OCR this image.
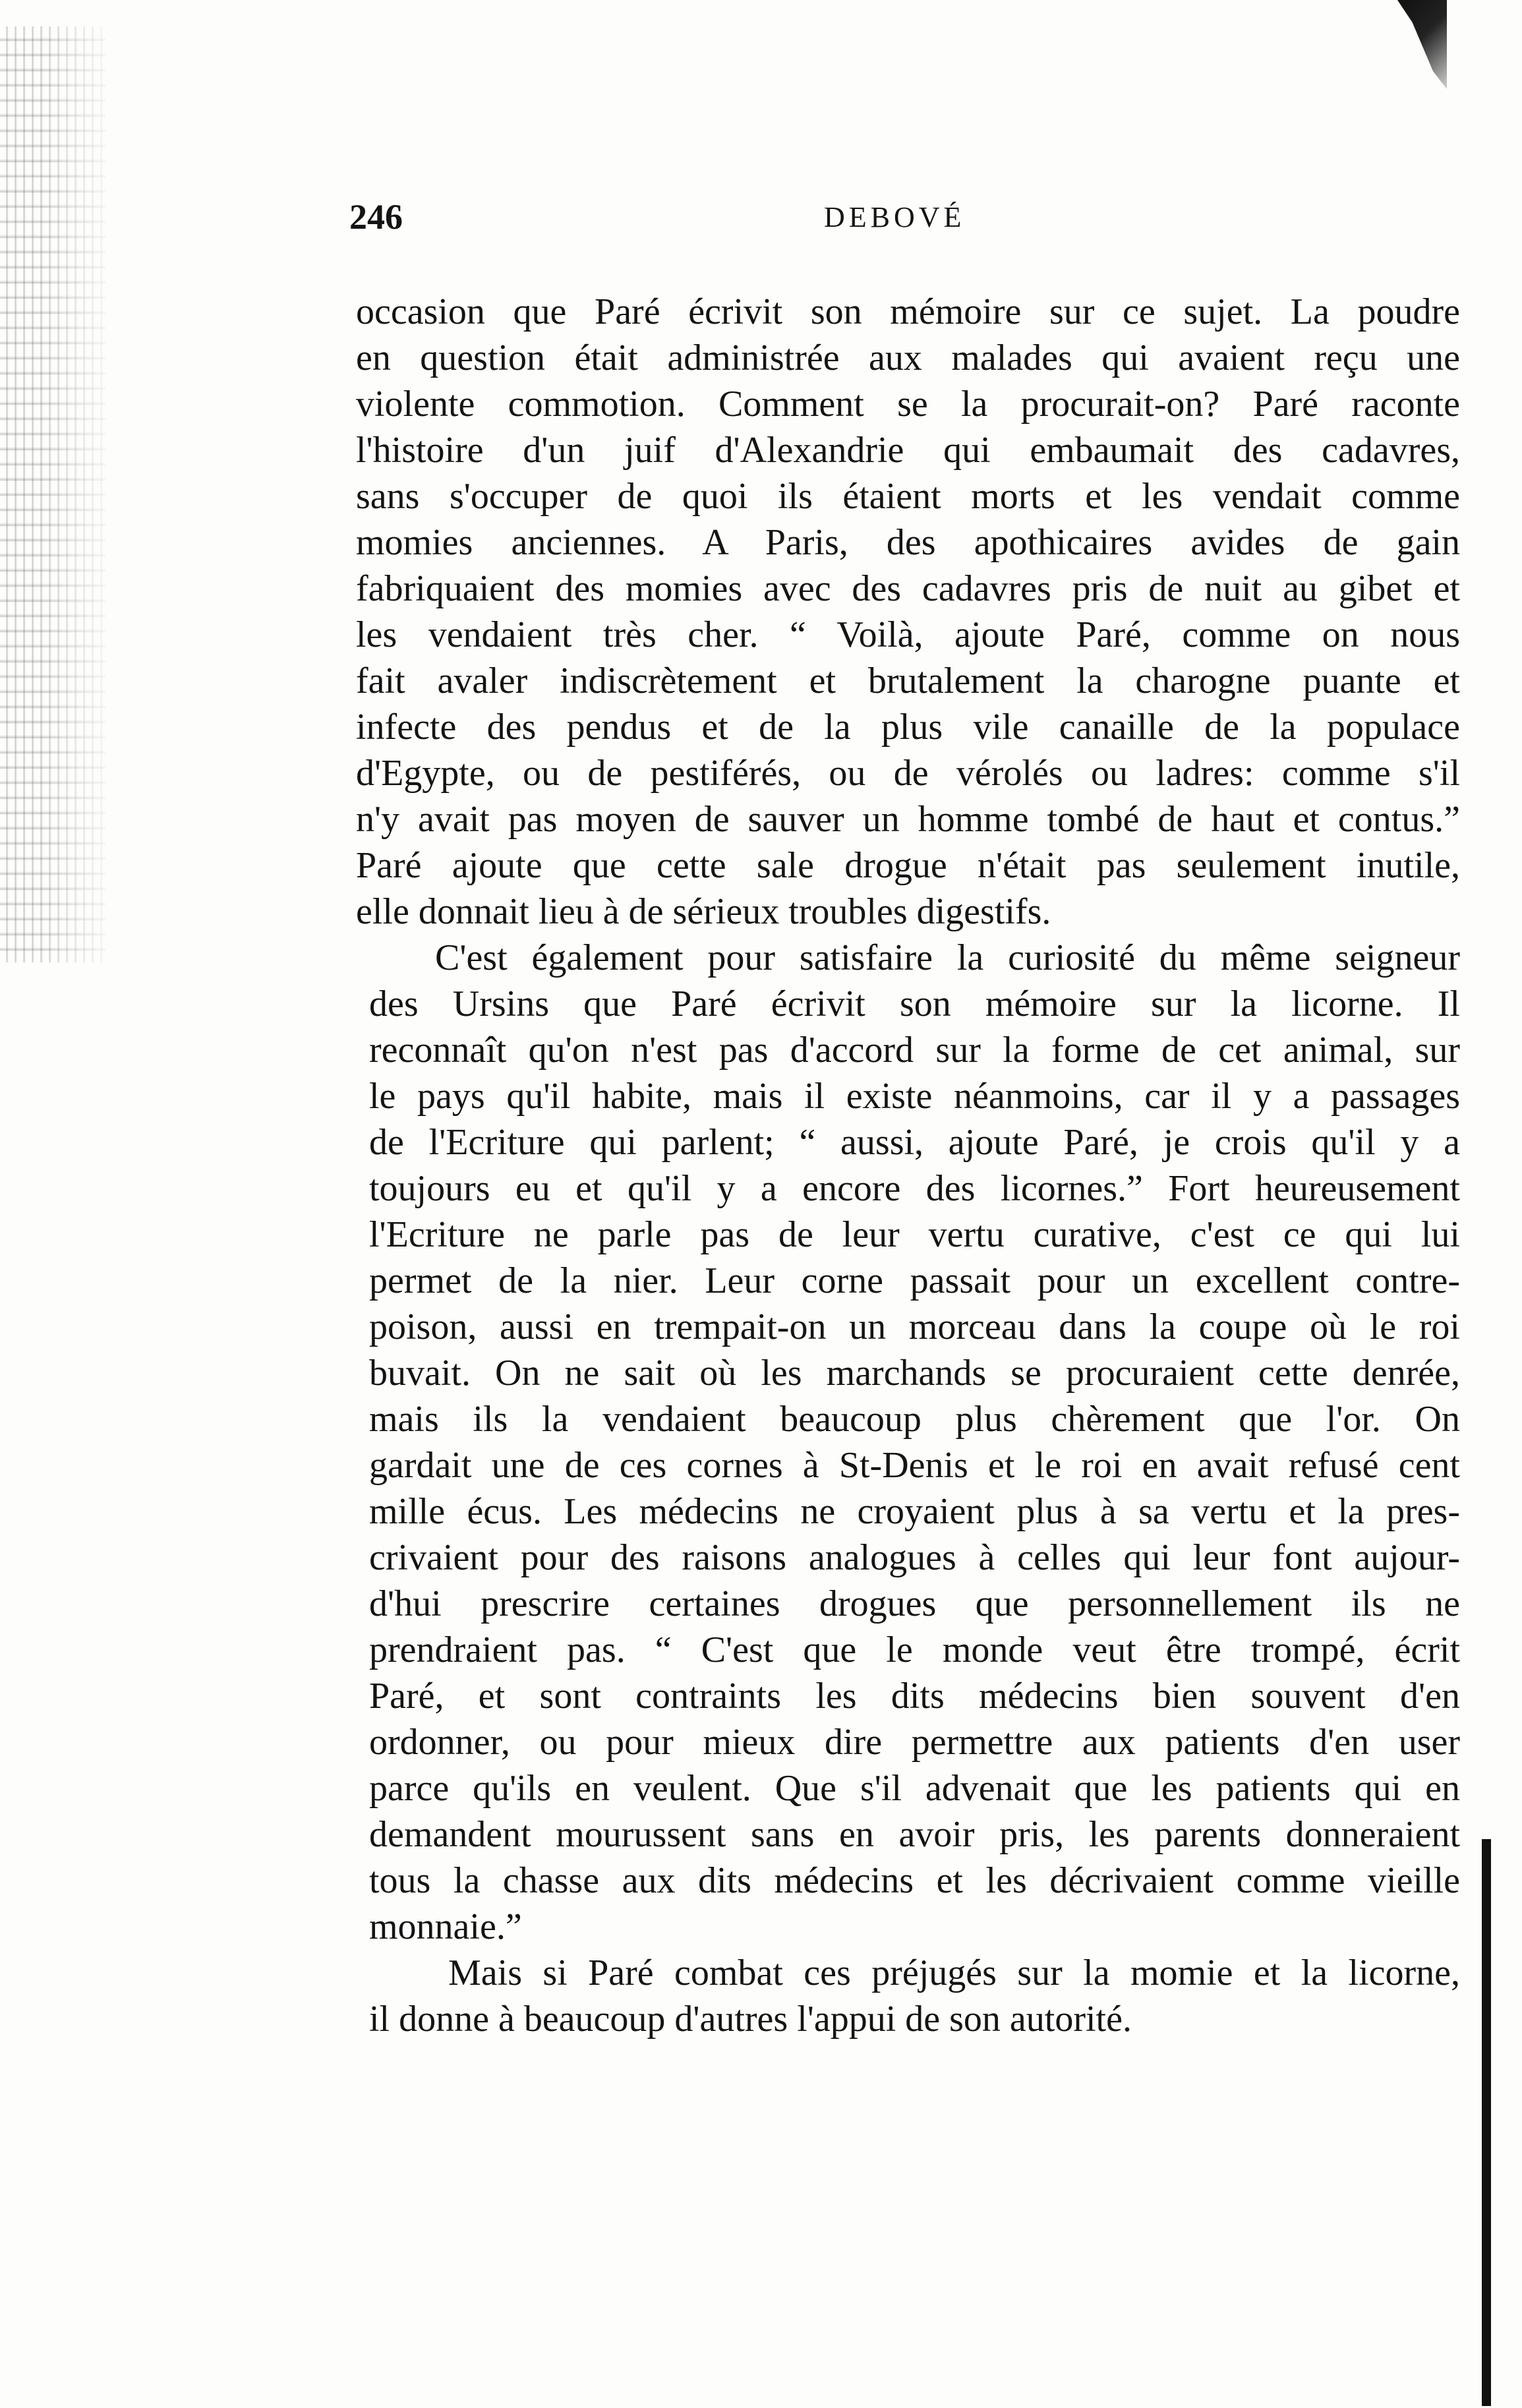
246	DEBOVÉ
occasion que Paré écrivit son mémoire sur ce sujet. La poudre
en question était administrée aux malades qui avaient reçu une
violente commotion. Comment se la procurait-on? Paré raconte
l'histoire d'un juif d'Alexandrie qui embaumait des cadavres,
sans s'occuper de quoi ils étaient morts et les vendait comme
momies anciennes. A Paris, des apothicaires avides de gain
fabriquaient des momies avec des cadavres pris de nuit au gibet et
les vendaient très cher. “ Voilà, ajoute Paré, comme on nous
fait avaler indiscrètement et brutalement la charogne puante et
infecte des pendus et de la plus vile canaille de la populace
d'Egypte, ou de pestiférés, ou de vérolés ou ladres: comme s'il
n'y avait pas moyen de sauver un homme tombé de haut et contus.”
Paré ajoute que cette sale drogue n'était pas seulement inutile,
elle donnait lieu à de sérieux troubles digestifs.
C'est également pour satisfaire la curiosité du même seigneur
des Ursins que Paré écrivit son mémoire sur la licorne. Il
reconnaît qu'on n'est pas d'accord sur la forme de cet animal, sur
le pays qu'il habite, mais il existe néanmoins, car il y a passages
de l'Ecriture qui parlent; “ aussi, ajoute Paré, je crois qu'il y a
toujours eu et qu'il y a encore des licornes.” Fort heureusement
l'Ecriture ne parle pas de leur vertu curative, c'est ce qui lui
permet de la nier. Leur corne passait pour un excellent contre-
poison, aussi en trempait-on un morceau dans la coupe où le roi
buvait. On ne sait où les marchands se procuraient cette denrée,
mais ils la vendaient beaucoup plus chèrement que l'or. On
gardait une de ces cornes à St-Denis et le roi en avait refusé cent
mille écus. Les médecins ne croyaient plus à sa vertu et la pres-
crivaient pour des raisons analogues à celles qui leur font aujour-
d'hui prescrire certaines drogues que personnellement ils ne
prendraient pas. “ C'est que le monde veut être trompé, écrit
Paré, et sont contraints les dits médecins bien souvent d'en
ordonner, ou pour mieux dire permettre aux patients d'en user
parce qu'ils en veulent. Que s'il advenait que les patients qui en
demandent mourussent sans en avoir pris, les parents donneraient
tous la chasse aux dits médecins et les décrivaient comme vieille
monnaie.”
Mais si Paré combat ces préjugés sur la momie et la licorne,
il donne à beaucoup d'autres l'appui de son autorité.
